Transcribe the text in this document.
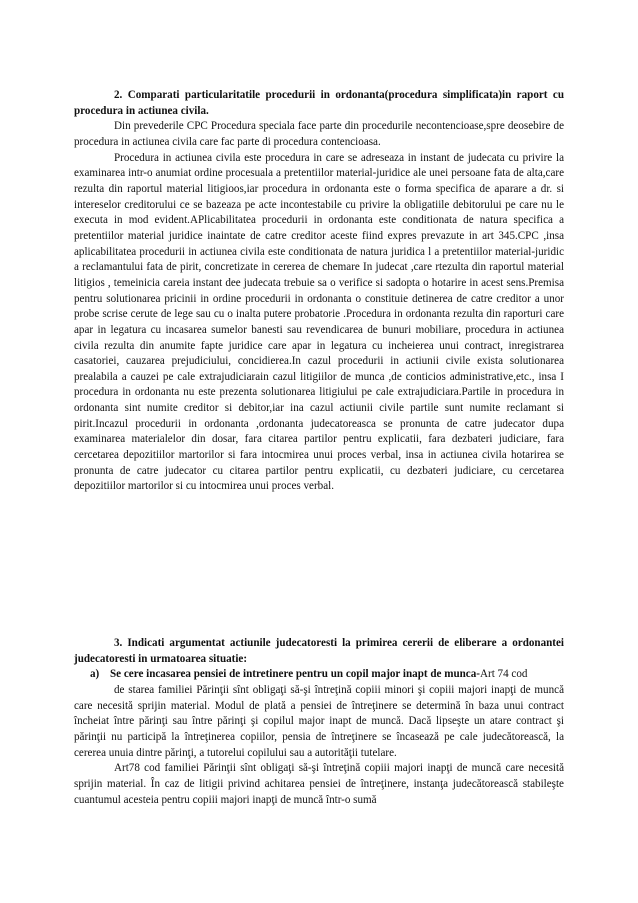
2. Comparati particularitatile procedurii in ordonanta(procedura simplificata)in raport cu procedura in actiunea civila.

Din prevederile CPC Procedura speciala face parte din procedurile necontencioase,spre deosebire de procedura in actiunea civila care fac parte di procedura contencioasa.

Procedura in actiunea civila este procedura in care se adreseaza in instant de judecata cu privire la examinarea intr-o anumiat ordine procesuala a pretentiilor material-juridice ale unei persoane fata de alta,care rezulta din raportul material litigioos,iar procedura in ordonanta este o forma specifica de aparare a dr. si intereselor creditorului ce se bazeaza pe acte incontestabile cu privire la obligatiile debitorului pe care nu le executa in mod evident.APlicabilitatea procedurii in ordonanta este conditionata de natura specifica a pretentiilor material juridice inaintate de catre creditor aceste fiind expres prevazute in art 345.CPC ,insa aplicabilitatea procedurii in actiunea civila este conditionata de natura juridica l a pretentiilor material-juridic a reclamantului fata de pirit, concretizate in cererea de chemare In judecat ,care rtezulta din raportul material litigios , temeinicia careia instant dee judecata trebuie sa o verifice si sadopta o hotarire in acest sens.Premisa pentru solutionarea pricinii in ordine procedurii in ordonanta o constituie detinerea de catre creditor a unor probe scrise cerute de lege sau cu o inalta putere probatorie .Procedura in ordonanta rezulta din raporturi care apar in legatura cu incasarea sumelor banesti sau revendicarea de bunuri mobiliare, procedura in actiunea civila rezulta din anumite fapte juridice care apar in legatura cu incheierea unui contract, inregistrarea casatoriei, cauzarea prejudiciului, concidierea.In cazul procedurii in actiunii civile exista solutionarea prealabila a cauzei pe cale extrajudiciarain cazul litigiilor de munca ,de conticios administrative,etc., insa I procedura in ordonanta nu este prezenta solutionarea litigiului pe cale extrajudiciara.Partile in procedura in ordonanta sint numite creditor si debitor,iar ina cazul actiunii civile partile sunt numite reclamant si pirit.Incazul procedurii in ordonanta ,ordonanta judecatoreasca se pronunta de catre judecator dupa examinarea materialelor din dosar, fara citarea partilor pentru explicatii, fara dezbateri judiciare, fara cercetarea depozitiilor martorilor si fara intocmirea unui proces verbal, insa in actiunea civila hotarirea se pronunta de catre judecator cu citarea partilor pentru explicatii, cu dezbateri judiciare, cu cercetarea depozitiilor martorilor si cu intocmirea unui proces verbal.

3. Indicati argumentat actiunile judecatoresti la primirea cererii de eliberare a ordonantei judecatoresti in urmatoarea situatie:

a) Se cere incasarea pensiei de intretinere pentru un copil major inapt de munca-Art 74 cod

de starea familiei Părinţii sînt obligaţi să-şi întreţină copiii minori şi copiii majori inapţi de muncă care necesită sprijin material. Modul de plată a pensiei de întreţinere se determină în baza unui contract încheiat între părinţi sau între părinţi şi copilul major inapt de muncă. Dacă lipseşte un atare contract şi părinţii nu participă la întreţinerea copiilor, pensia de întreţinere se încasează pe cale judecătorească, la cererea unuia dintre părinţi, a tutorelui copilului sau a autorităţii tutelare.

Art78 cod familiei Părinţii sînt obligaţi să-şi întreţină copiii majori inapţi de muncă care necesită sprijin material. În caz de litigii privind achitarea pensiei de întreţinere, instanţa judecătorească stabileşte cuantumul acesteia pentru copiii majori inapţi de muncă într-o sumă
